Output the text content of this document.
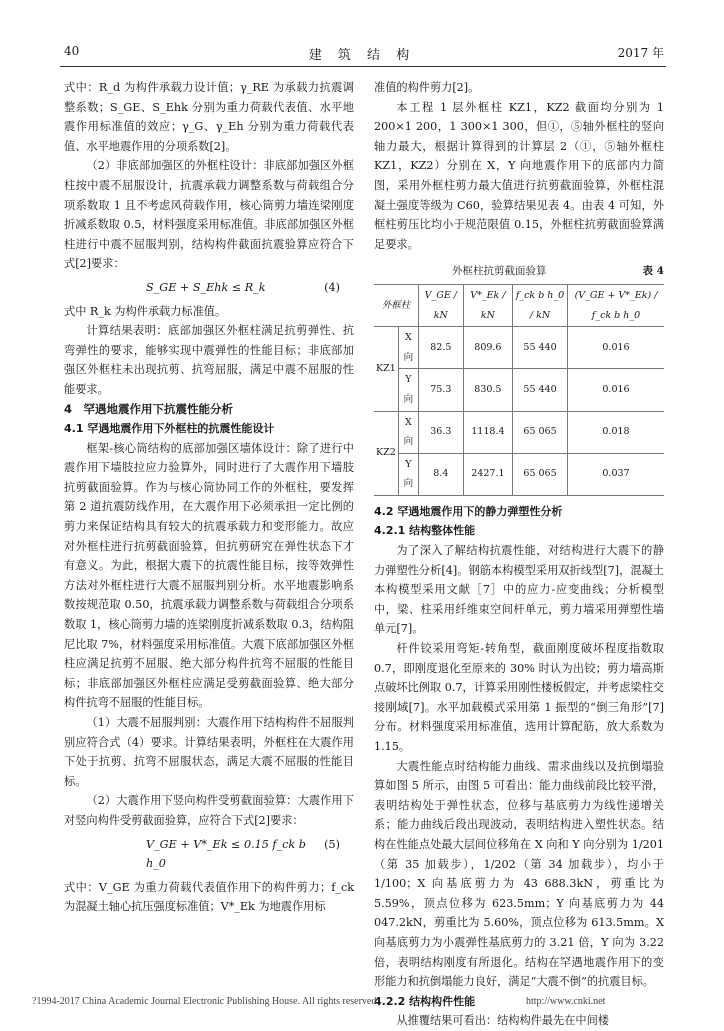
40	建 筑 结 构	2017 年

式中：R_d 为构件承载力设计值；γ_RE 为承载力抗震调整系数；S_GE、S_Ehk 分别为重力荷载代表值、水平地震作用标准值的效应；γ_G、γ_Eh 分别为重力荷载代表值、水平地震作用的分项系数[2]。

（2）非底部加强区的外框柱设计：非底部加强区外框柱按中震不屈服设计，抗震承载力调整系数与荷载组合分项系数取 1 且不考虑风荷载作用，核心筒剪力墙连梁刚度折减系数取 0.5，材料强度采用标准值。非底部加强区外框柱进行中震不屈服判别，结构构件截面抗震验算应符合下式[2]要求：

S_GE + S_Ehk ≤ R_k	(4)

式中 R_k 为构件承载力标准值。

计算结果表明：底部加强区外框柱满足抗剪弹性、抗弯弹性的要求，能够实现中震弹性的性能目标；非底部加强区外框柱未出现抗剪、抗弯屈服，满足中震不屈服的性能要求。

4　罕遇地震作用下抗震性能分析

4.1 罕遇地震作用下外框柱的抗震性能设计

框架-核心筒结构的底部加强区墙体设计：除了进行中震作用下墙肢拉应力验算外，同时进行了大震作用下墙肢抗剪截面验算。作为与核心筒协同工作的外框柱，要发挥第 2 道抗震防线作用，在大震作用下必须承担一定比例的剪力来保证结构具有较大的抗震承载力和变形能力。故应对外框柱进行抗剪截面验算，但抗剪研究在弹性状态下才有意义。为此，根据大震下的抗震性能目标，按等效弹性方法对外框柱进行大震不屈服判别分析。水平地震影响系数按规范取 0.50，抗震承载力调整系数与荷载组合分项系数取 1，核心筒剪力墙的连梁刚度折减系数取 0.3，结构阻尼比取 7%，材料强度采用标准值。大震下底部加强区外框柱应满足抗剪不屈服、绝大部分构件抗弯不屈服的性能目标；非底部加强区外框柱应满足受剪截面验算、绝大部分构件抗弯不屈服的性能目标。

（1）大震不屈服判别：大震作用下结构构件不屈服判别应符合式（4）要求。计算结果表明，外框柱在大震作用下处于抗剪、抗弯不屈服状态，满足大震不屈服的性能目标。

（2）大震作用下竖向构件受剪截面验算：大震作用下对竖向构件受剪截面验算，应符合下式[2]要求：

V_GE + V*_Ek ≤ 0.15 f_ck b h_0
(5)

式中：V_GE 为重力荷载代表值作用下的构件剪力；f_ck 为混凝土轴心抗压强度标准值；V*_Ek 为地震作用标

准值的构件剪力[2]。

本工程 1 层外框柱 KZ1，KZ2 截面均分别为 1 200×1 200，1 300×1 300，但①，⑤轴外框柱的竖向轴力最大，根据计算得到的计算层 2（①，⑤轴外框柱 KZ1，KZ2）分别在 X，Y 向地震作用下的底部内力简图，采用外框柱剪力最大值进行抗剪截面验算，外框柱混凝土强度等级为 C60，验算结果见表 4。由表 4 可知，外框柱剪压比均小于规范限值 0.15，外框柱抗剪截面验算满足要求。

外框柱抗剪截面验算	表 4
外框柱		V_GE / kN	V*_Ek / kN	f_ck b h_0 / kN	(V_GE + V*_Ek) / f_ck b h_0
KZ1	X 向	82.5	809.6	55 440	0.016
	Y 向	75.3	830.5	55 440	0.016
KZ2	X 向	36.3	1118.4	65 065	0.018
	Y 向	8.4	2427.1	65 065	0.037

4.2 罕遇地震作用下的静力弹塑性分析

4.2.1 结构整体性能

为了深入了解结构抗震性能，对结构进行大震下的静力弹塑性分析[4]。钢筋本构模型采用双折线型[7]，混凝土本构模型采用文献［7］中的应力-应变曲线；分析模型中，梁、柱采用纤维束空间杆单元，剪力墙采用弹塑性墙单元[7]。

杆件铰采用弯矩-转角型，截面刚度破坏程度指数取 0.7，即刚度退化至原来的 30% 时认为出铰；剪力墙高斯点破坏比例取 0.7，计算采用刚性楼板假定，并考虑梁柱交接刚域[7]。水平加载模式采用第 1 振型的“倒三角形”[7]分布。材料强度采用标准值，选用计算配筋，放大系数为 1.15。

大震性能点时结构能力曲线、需求曲线以及抗倒塌验算如图 5 所示，由图 5 可看出：能力曲线前段比较平滑，表明结构处于弹性状态，位移与基底剪力为线性递增关系；能力曲线后段出现波动，表明结构进入塑性状态。结构在性能点处最大层间位移角在 X 向和 Y 向分别为 1/201（第 35 加载步），1/202（第 34 加载步），均小于 1/100；X 向基底剪力为 43 688.3kN，剪重比为 5.59%，顶点位移为 623.5mm；Y 向基底剪力为 44 047.2kN，剪重比为 5.60%，顶点位移为 613.5mm。X 向基底剪力为小震弹性基底剪力的 3.21 倍，Y 向为 3.22 倍，表明结构刚度有所退化。结构在罕遇地震作用下的变形能力和抗倒塌能力良好，满足“大震不倒”的抗震目标。

4.2.2 结构构件性能

从推覆结果可看出：结构构件最先在中间楼

?1994-2017 China Academic Journal Electronic Publishing House. All rights reserved.	http://www.cnki.net
